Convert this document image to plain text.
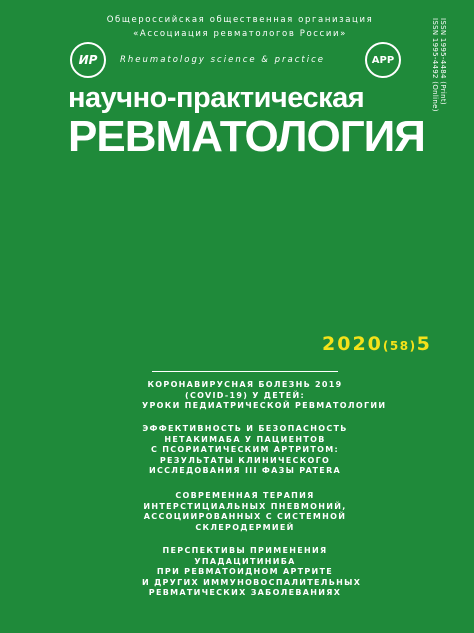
Общероссийская общественная организация
«Ассоциация ревматологов России»
ИР	Rheumatology science & practice	АРР	ISSN 1995-4484 (Print)
ISSN 1995-4492 (Online)
научно-практическая
РЕВМАТОЛОГИЯ
2020(58)5
КОРОНАВИРУСНАЯ БОЛЕЗНЬ 2019
(COVID-19) У ДЕТЕЙ:
УРОКИ ПЕДИАТРИЧЕСКОЙ РЕВМАТОЛОГИИ
ЭФФЕКТИВНОСТЬ И БЕЗОПАСНОСТЬ
НЕТАКИМАБА У ПАЦИЕНТОВ
С ПСОРИАТИЧЕСКИМ АРТРИТОМ:
РЕЗУЛЬТАТЫ КЛИНИЧЕСКОГО
ИССЛЕДОВАНИЯ III ФАЗЫ PATERA
СОВРЕМЕННАЯ ТЕРАПИЯ
ИНТЕРСТИЦИАЛЬНЫХ ПНЕВМОНИЙ,
АССОЦИИРОВАННЫХ С СИСТЕМНОЙ
СКЛЕРОДЕРМИЕЙ
ПЕРСПЕКТИВЫ ПРИМЕНЕНИЯ
УПАДАЦИТИНИБА
ПРИ РЕВМАТОИДНОМ АРТРИТЕ
И ДРУГИХ ИММУНОВОСПАЛИТЕЛЬНЫХ
РЕВМАТИЧЕСКИХ ЗАБОЛЕВАНИЯХ
